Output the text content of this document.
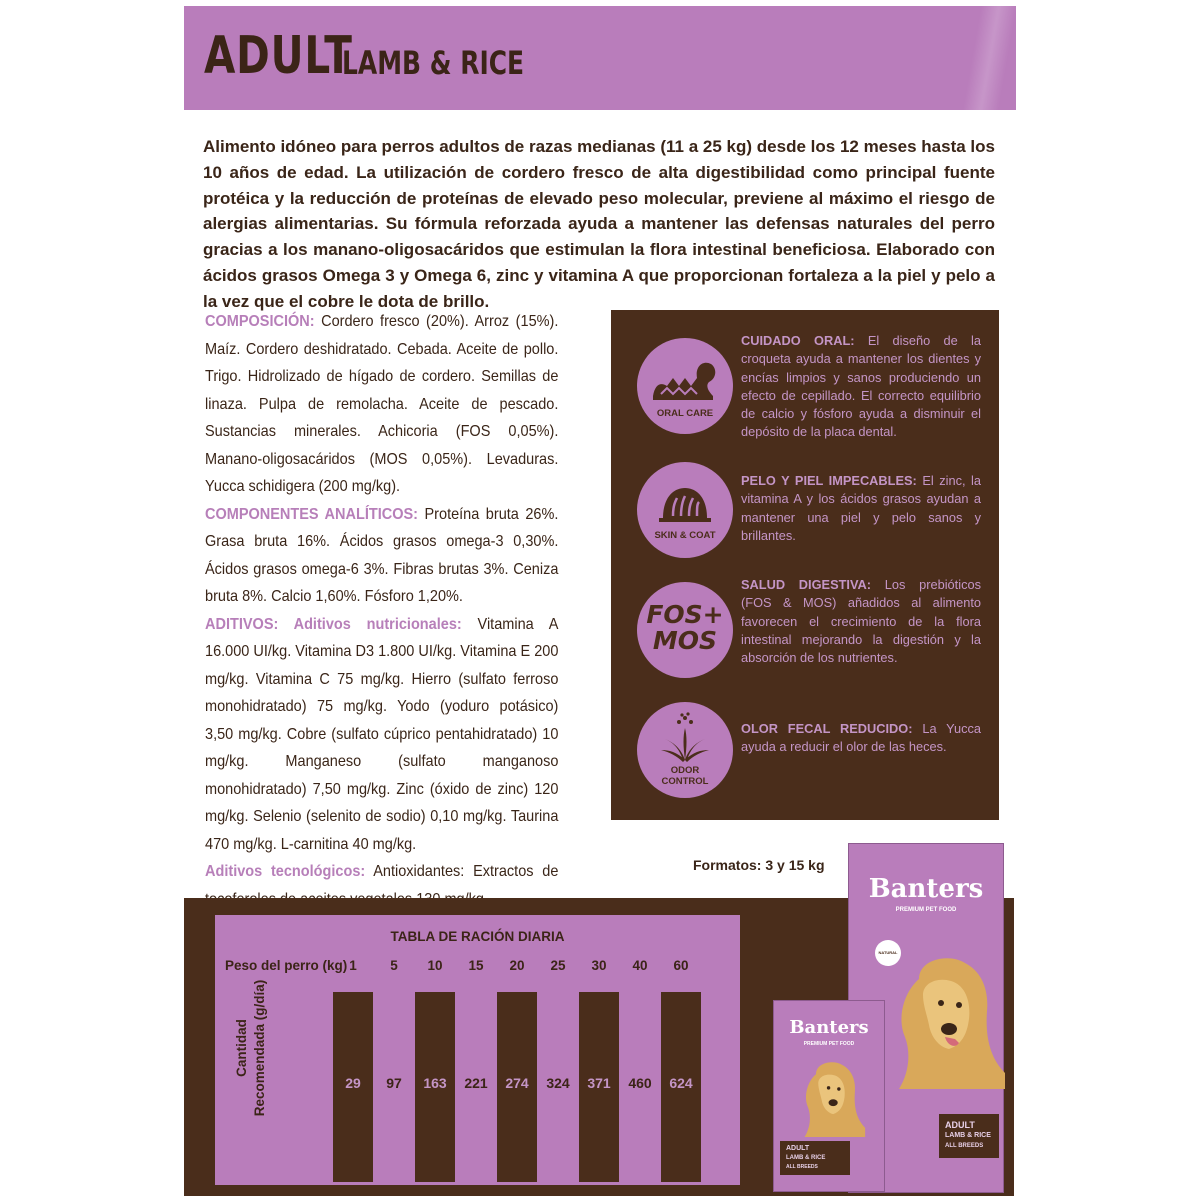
ADULT
LAMB & RICE

Alimento idóneo para perros adultos de razas medianas (11 a 25 kg) desde los 12 meses hasta los 10 años de edad. La utilización de cordero fresco de alta digestibilidad como principal fuente protéica y la reducción de proteínas de elevado peso molecular, previene al máximo el riesgo de alergias alimentarias. Su fórmula reforzada ayuda a mantener las defensas naturales del perro gracias a los manano-oligosacáridos que estimulan la flora intestinal beneficiosa. Elaborado con ácidos grasos Omega 3 y Omega 6, zinc y vitamina A que proporcionan fortaleza a la piel y pelo a la vez que el cobre le dota de brillo.

COMPOSICIÓN: Cordero fresco (20%). Arroz (15%). Maíz. Cordero deshidratado. Cebada. Aceite de pollo. Trigo. Hidrolizado de hígado de cordero. Semillas de linaza. Pulpa de remolacha. Aceite de pescado. Sustancias minerales. Achicoria (FOS 0,05%). Manano-oligosacáridos (MOS 0,05%). Levaduras. Yucca schidigera (200 mg/kg).

COMPONENTES ANALÍTICOS: Proteína bruta 26%. Grasa bruta 16%. Ácidos grasos omega-3 0,30%. Ácidos grasos omega-6 3%. Fibras brutas 3%. Ceniza bruta 8%. Calcio 1,60%. Fósforo 1,20%.

ADITIVOS: Aditivos nutricionales: Vitamina A 16.000 UI/kg. Vitamina D3 1.800 UI/kg. Vitamina E 200 mg/kg. Vitamina C 75 mg/kg. Hierro (sulfato ferroso monohidratado) 75 mg/kg. Yodo (yoduro potásico) 3,50 mg/kg. Cobre (sulfato cúprico pentahidratado) 10 mg/kg. Manganeso (sulfato manganoso monohidratado) 7,50 mg/kg. Zinc (óxido de zinc) 120 mg/kg. Selenio (selenito de sodio) 0,10 mg/kg. Taurina 470 mg/kg. L-carnitina 40 mg/kg.

Aditivos tecnológicos: Antioxidantes: Extractos de

ORAL CARE
CUIDADO ORAL: El diseño de la croqueta ayuda a mantener los dientes y encías limpios y sanos produciendo un efecto de cepillado. El correcto equilibrio de calcio y fósforo ayuda a disminuir el depósito de la placa dental.
SKIN & COAT
PELO Y PIEL IMPECABLES: El zinc, la vitamina A y los ácidos grasos ayudan a mantener una piel y pelo sanos y brillantes.
FOS+
MOS
SALUD DIGESTIVA: Los prebióticos (FOS & MOS) añadidos al alimento favorecen el crecimiento de la flora intestinal mejorando la digestión y la absorción de los nutrientes.
ODOR
CONTROL
OLOR FECAL REDUCIDO: La Yucca ayuda a reducir el olor de las heces.
Formatos: 3 y 15 kg
TABLA DE RACIÓN DIARIA
Peso del perro (kg) 1
29
5
97
10
163
15
221
20
274
25
324
30
371
40
460
60
624
Cantidad Recomendada (g/día)
Banters
PREMIUM PET FOOD
NATURAL
ADULT
LAMB & RICE
ALL BREEDS
Banters
PREMIUM PET FOOD
ADULT
LAMB & RICE
ALL BREEDS
